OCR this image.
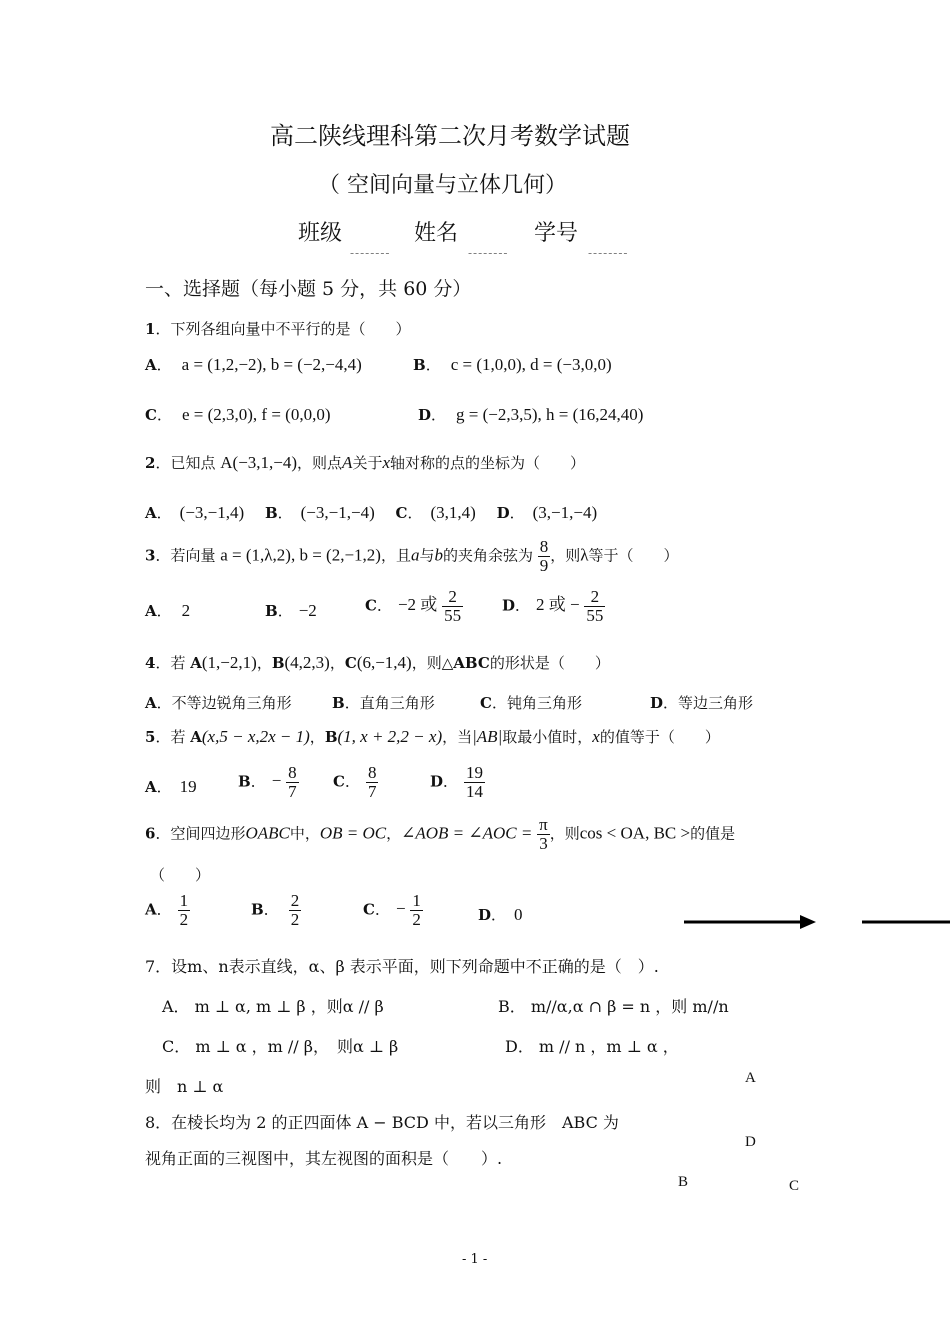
高二陕线理科第二次月考数学试题
（ 空间向量与立体几何）
班级
--------
姓名
--------
学号
--------
一、选择题（每小题 5 分，共 60 分）
1．下列各组向量中不平行的是（　　）
A． a = (1,2,−2), b = (−2,−4,4)	B． c = (1,0,0), d = (−3,0,0)
C． e = (2,3,0), f = (0,0,0)	D． g = (−2,3,5), h = (16,24,40)
2．已知点 A(−3,1,−4)，则点A关于x轴对称的点的坐标为（　　）
A． (−3,−1,4) B． (−3,−1,−4) C． (3,1,4) D． (3,−1,−4)
3．若向量 a = (1,λ,2), b = (2,−1,2)，且a与b的夹角余弦为 $\frac{8}{9}$ ，则λ等于（　　）
A． 2	B． −2	C． −2 或 $\frac{2}{55}$	D． 2 或 − $\frac{2}{55}$
4．若 A(1,−2,1)，B(4,2,3)，C(6,−1,4)，则△ABC的形状是（　　）
A．不等边锐角三角形	B．直角三角形	C．钝角三角形	D．等边三角形
5．若 A(x,5 − x,2x − 1)，B(1, x + 2,2 − x)，当|AB|取最小值时，x的值等于（　　）
A． 19	B． − $\frac{8}{7}$ C． $\frac{8}{7}$	D． $\frac{19}{14}$
6．空间四边形OABC中，OB = OC，∠AOB = ∠AOC = $\frac{\pi}{3}$ ，则cos < OA, BC >的值是
（　　）
A． $\frac{1}{2}$	B． $\frac{2}{2}$	C． − $\frac{1}{2}$	D． 0
7．设m、n表示直线，α、β 表示平面，则下列命题中不正确的是（　）.
A． m ⊥ α, m ⊥ β ，则α // β	B． m//α,α ∩ β = n ，则 m//n
C． m ⊥ α ，m // β，　则α ⊥ β	D． m // n ，m ⊥ α ，
则　n ⊥ α	A
D
B	C
8．在棱长均为 2 的正四面体 A − BCD 中，若以三角形　ABC 为
视角正面的三视图中，其左视图的面积是（　　）.
- 1 -
